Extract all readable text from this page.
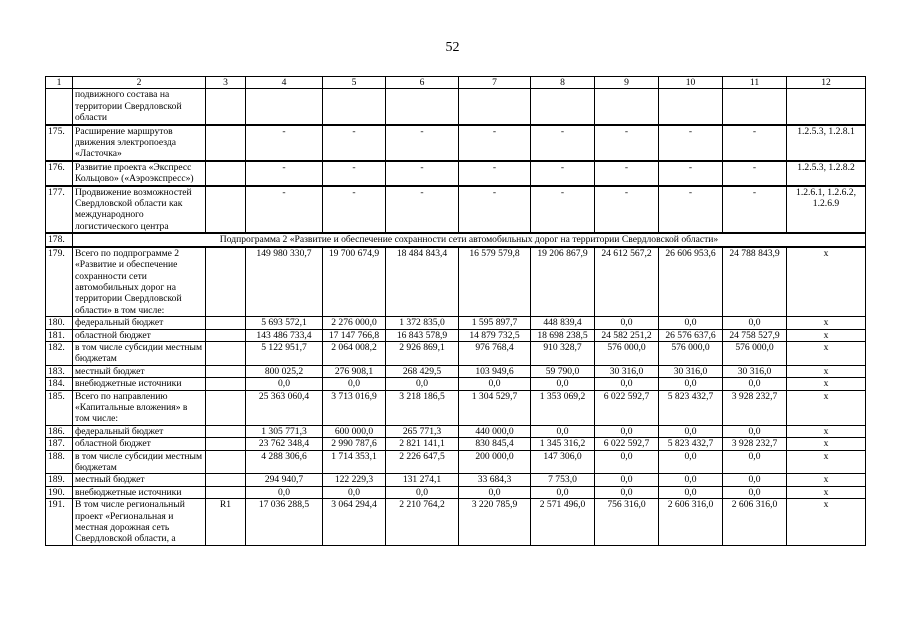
52
1	2	3	4	5	6	7	8	9	10	11	12
	подвижного состава на территории Свердловской области										
175.	Расширение маршрутов движения электропоезда «Ласточка»		-	-	-	-	-	-	-	-	1.2.5.3, 1.2.8.1
176.	Развитие проекта «Экспресс Кольцово» («Аэроэкспресс»)		-	-	-	-	-	-	-	-	1.2.5.3, 1.2.8.2
177.	Продвижение возможностей Свердловской области как международного логистического центра		-	-	-	-	-	-	-	-	1.2.6.1, 1.2.6.2, 1.2.6.9
178.	Подпрограмма 2 «Развитие и обеспечение сохранности сети автомобильных дорог на территории Свердловской области»										
179.	Всего по подпрограмме 2 «Развитие и обеспечение сохранности сети автомобильных дорог на территории Свердловской области» в том числе:		149 980 330,7	19 700 674,9	18 484 843,4	16 579 579,8	19 206 867,9	24 612 567,2	26 606 953,6	24 788 843,9	x
180.	федеральный бюджет		5 693 572,1	2 276 000,0	1 372 835,0	1 595 897,7	448 839,4	0,0	0,0	0,0	x
181.	областной бюджет		143 486 733,4	17 147 766,8	16 843 578,9	14 879 732,5	18 698 238,5	24 582 251,2	26 576 637,6	24 758 527,9	x
182.	в том числе субсидии местным бюджетам		5 122 951,7	2 064 008,2	2 926 869,1	976 768,4	910 328,7	576 000,0	576 000,0	576 000,0	x
183.	местный бюджет		800 025,2	276 908,1	268 429,5	103 949,6	59 790,0	30 316,0	30 316,0	30 316,0	x
184.	внебюджетные источники		0,0	0,0	0,0	0,0	0,0	0,0	0,0	0,0	x
185.	Всего по направлению «Капитальные вложения» в том числе:		25 363 060,4	3 713 016,9	3 218 186,5	1 304 529,7	1 353 069,2	6 022 592,7	5 823 432,7	3 928 232,7	x
186.	федеральный бюджет		1 305 771,3	600 000,0	265 771,3	440 000,0	0,0	0,0	0,0	0,0	x
187.	областной бюджет		23 762 348,4	2 990 787,6	2 821 141,1	830 845,4	1 345 316,2	6 022 592,7	5 823 432,7	3 928 232,7	x
188.	в том числе субсидии местным бюджетам		4 288 306,6	1 714 353,1	2 226 647,5	200 000,0	147 306,0	0,0	0,0	0,0	x
189.	местный бюджет		294 940,7	122 229,3	131 274,1	33 684,3	7 753,0	0,0	0,0	0,0	x
190.	внебюджетные источники		0,0	0,0	0,0	0,0	0,0	0,0	0,0	0,0	x
191.	В том числе региональный проект «Региональная и местная дорожная сеть Свердловской области, а	R1	17 036 288,5	3 064 294,4	2 210 764,2	3 220 785,9	2 571 496,0	756 316,0	2 606 316,0	2 606 316,0	x
